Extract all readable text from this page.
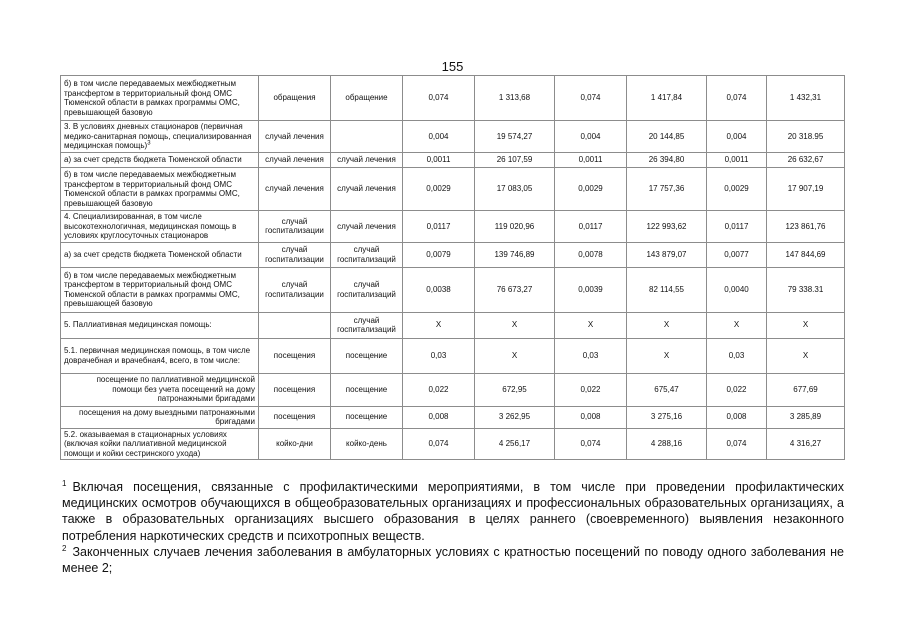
155
б) в том числе передаваемых межбюджетным трансфертом в территориальный фонд ОМС Тюменской области в рамках программы ОМС, превышающей базовую	обращения	обращение	0,074	1 313,68	0,074	1 417,84	0,074	1 432,31
3. В условиях дневных стационаров (первичная медико-санитарная помощь, специализированная медицинская помощь)$^3$	случай лечения		0,004	19 574,27	0,004	20 144,85	0,004	20 318.95
а) за счет средств бюджета Тюменской области	случай лечения	случай лечения	0,0011	26 107,59	0,0011	26 394,80	0,0011	26 632,67
б) в том числе передаваемых межбюджетным трансфертом в территориальный фонд ОМС Тюменской области в рамках программы ОМС, превышающей базовую	случай лечения	случай лечения	0,0029	17 083,05	0,0029	17 757,36	0,0029	17 907,19
4. Специализированная, в том числе высокотехнологичная, медицинская помощь в условиях круглосуточных стационаров	случай госпитализации	случай лечения	0,0117	119 020,96	0,0117	122 993,62	0,0117	123 861,76
а) за счет средств бюджета Тюменской области	случай госпитализации	случай госпитализаций	0,0079	139 746,89	0,0078	143 879,07	0,0077	147 844,69
б) в том числе передаваемых межбюджетным трансфертом в территориальный фонд ОМС Тюменской области в рамках программы ОМС, превышающей базовую	случай госпитализации	случай госпитализаций	0,0038	76 673,27	0,0039	82 114,55	0,0040	79 338.31
5. Паллиативная медицинская помощь:		случай госпитализаций	X	X	X	X	X	X
5.1. первичная медицинская помощь, в том числе доврачебная и врачебная4, всего, в том числе:	посещения	посещение	0,03	X	0,03	X	0,03	X
посещение по паллиативной медицинской помощи без учета посещений на дому патронажными бригадами	посещения	посещение	0,022	672,95	0,022	675,47	0,022	677,69
посещения на дому выездными патронажными бригадами	посещения	посещение	0,008	3 262,95	0,008	3 275,16	0,008	3 285,89
5.2. оказываемая в стационарных условиях (включая койки паллиативной медицинской помощи и койки сестринского ухода)	койко-дни	койко-день	0,074	4 256,17	0,074	4 288,16	0,074	4 316,27

$^1$ Включая посещения, связанные с профилактическими мероприятиями, в том числе при проведении профилактических медицинских осмотров обучающихся в общеобразовательных организациях и профессиональных образовательных организациях, а также в образовательных организациях высшего образования в целях раннего (своевременного) выявления незаконного потребления наркотических средств и психотропных веществ.

$^2$ Законченных случаев лечения заболевания в амбулаторных условиях с кратностью посещений по поводу одного заболевания не менее 2;
